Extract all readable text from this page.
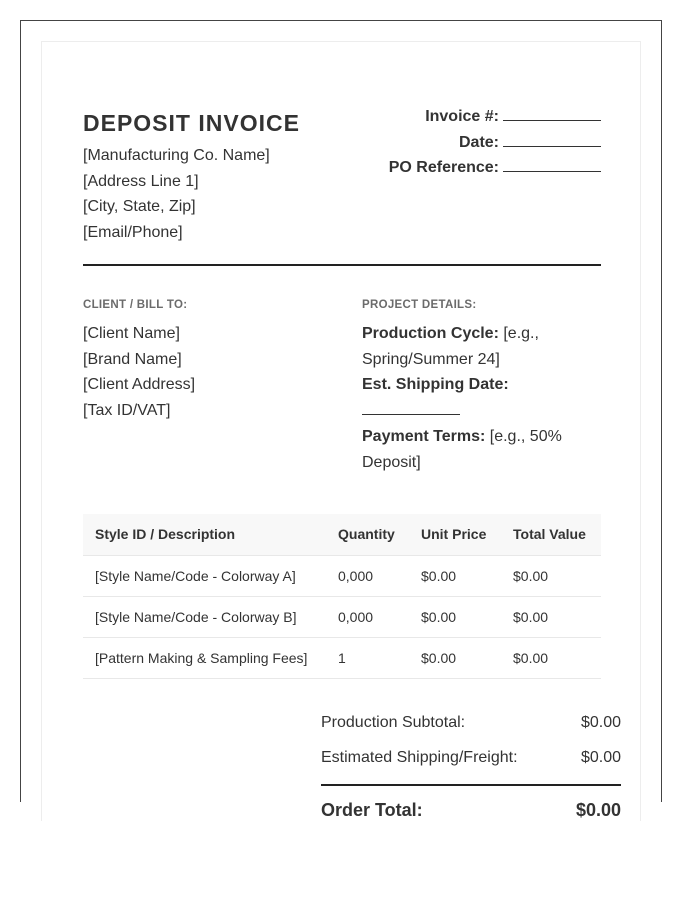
DEPOSIT INVOICE
[Manufacturing Co. Name]
[Address Line 1]
[City, State, Zip]
[Email/Phone]
Invoice #:
Date:
PO Reference:
CLIENT / BILL TO:
[Client Name]
[Brand Name]
[Client Address]
[Tax ID/VAT]
PROJECT DETAILS:
Production Cycle: [e.g.,
Spring/Summer 24]
Est. Shipping Date:
Payment Terms: [e.g., 50%
Deposit]
Style ID / Description	Quantity	Unit Price	Total Value
[Style Name/Code - Colorway A]	0,000	$0.00	$0.00
[Style Name/Code - Colorway B]	0,000	$0.00	$0.00
[Pattern Making & Sampling Fees]	1	$0.00	$0.00
Production Subtotal:	$0.00
Estimated Shipping/Freight:	$0.00
Order Total:	$0.00
